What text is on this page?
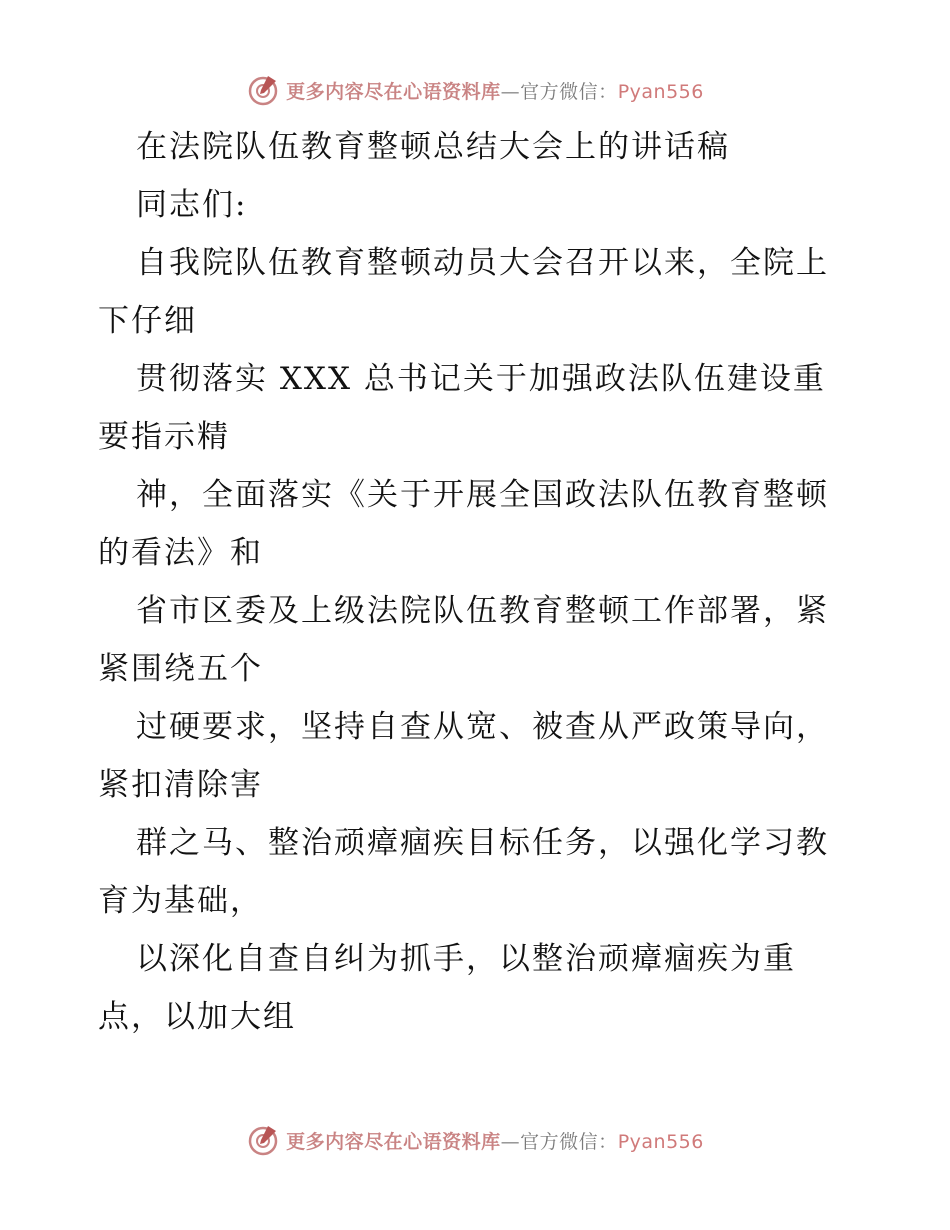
更多内容尽在心语资料库—官方微信：Pyan556
在法院队伍教育整顿总结大会上的讲话稿
同志们:
自我院队伍教育整顿动员大会召开以来，全院上
下仔细
贯彻落实 XXX 总书记关于加强政法队伍建设重
要指示精
神，全面落实《关于开展全国政法队伍教育整顿
的看法》和
省市区委及上级法院队伍教育整顿工作部署，紧
紧围绕五个
过硬要求，坚持自查从宽、被查从严政策导向，
紧扣清除害
群之马、整治顽瘴痼疾目标任务，以强化学习教
育为基础，
以深化自查自纠为抓手，以整治顽瘴痼疾为重
点，以加大组
更多内容尽在心语资料库—官方微信：Pyan556
